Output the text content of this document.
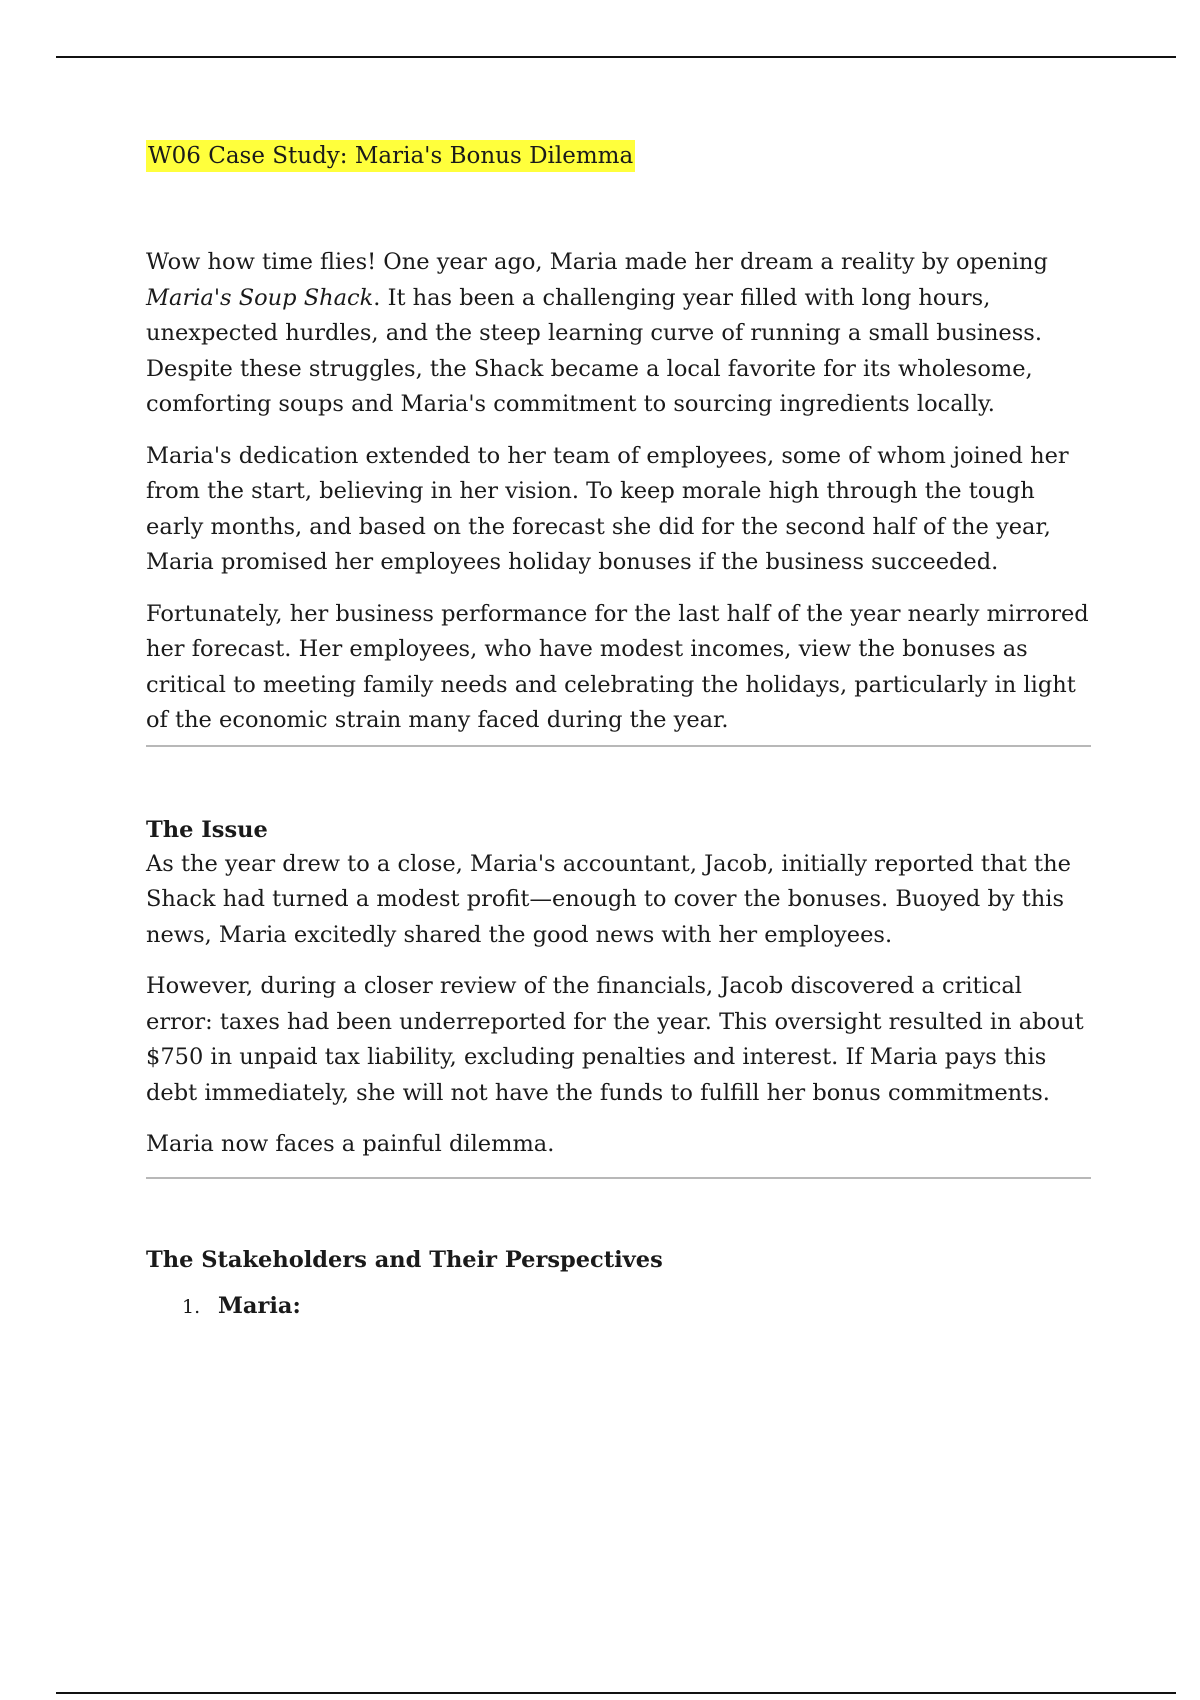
W06 Case Study: Maria's Bonus Dilemma

Wow how time flies! One year ago, Maria made her dream a reality by opening Maria's Soup Shack. It has been a challenging year filled with long hours, unexpected hurdles, and the steep learning curve of running a small business. Despite these struggles, the Shack became a local favorite for its wholesome, comforting soups and Maria's commitment to sourcing ingredients locally.

Maria's dedication extended to her team of employees, some of whom joined her from the start, believing in her vision. To keep morale high through the tough early months, and based on the forecast she did for the second half of the year, Maria promised her employees holiday bonuses if the business succeeded.

Fortunately, her business performance for the last half of the year nearly mirrored her forecast. Her employees, who have modest incomes, view the bonuses as critical to meeting family needs and celebrating the holidays, particularly in light of the economic strain many faced during the year.

The Issue

As the year drew to a close, Maria's accountant, Jacob, initially reported that the Shack had turned a modest profit—enough to cover the bonuses. Buoyed by this news, Maria excitedly shared the good news with her employees.

However, during a closer review of the financials, Jacob discovered a critical error: taxes had been underreported for the year. This oversight resulted in about $750 in unpaid tax liability, excluding penalties and interest. If Maria pays this debt immediately, she will not have the funds to fulfill her bonus commitments.

Maria now faces a painful dilemma.

The Stakeholders and Their Perspectives
1. Maria:
